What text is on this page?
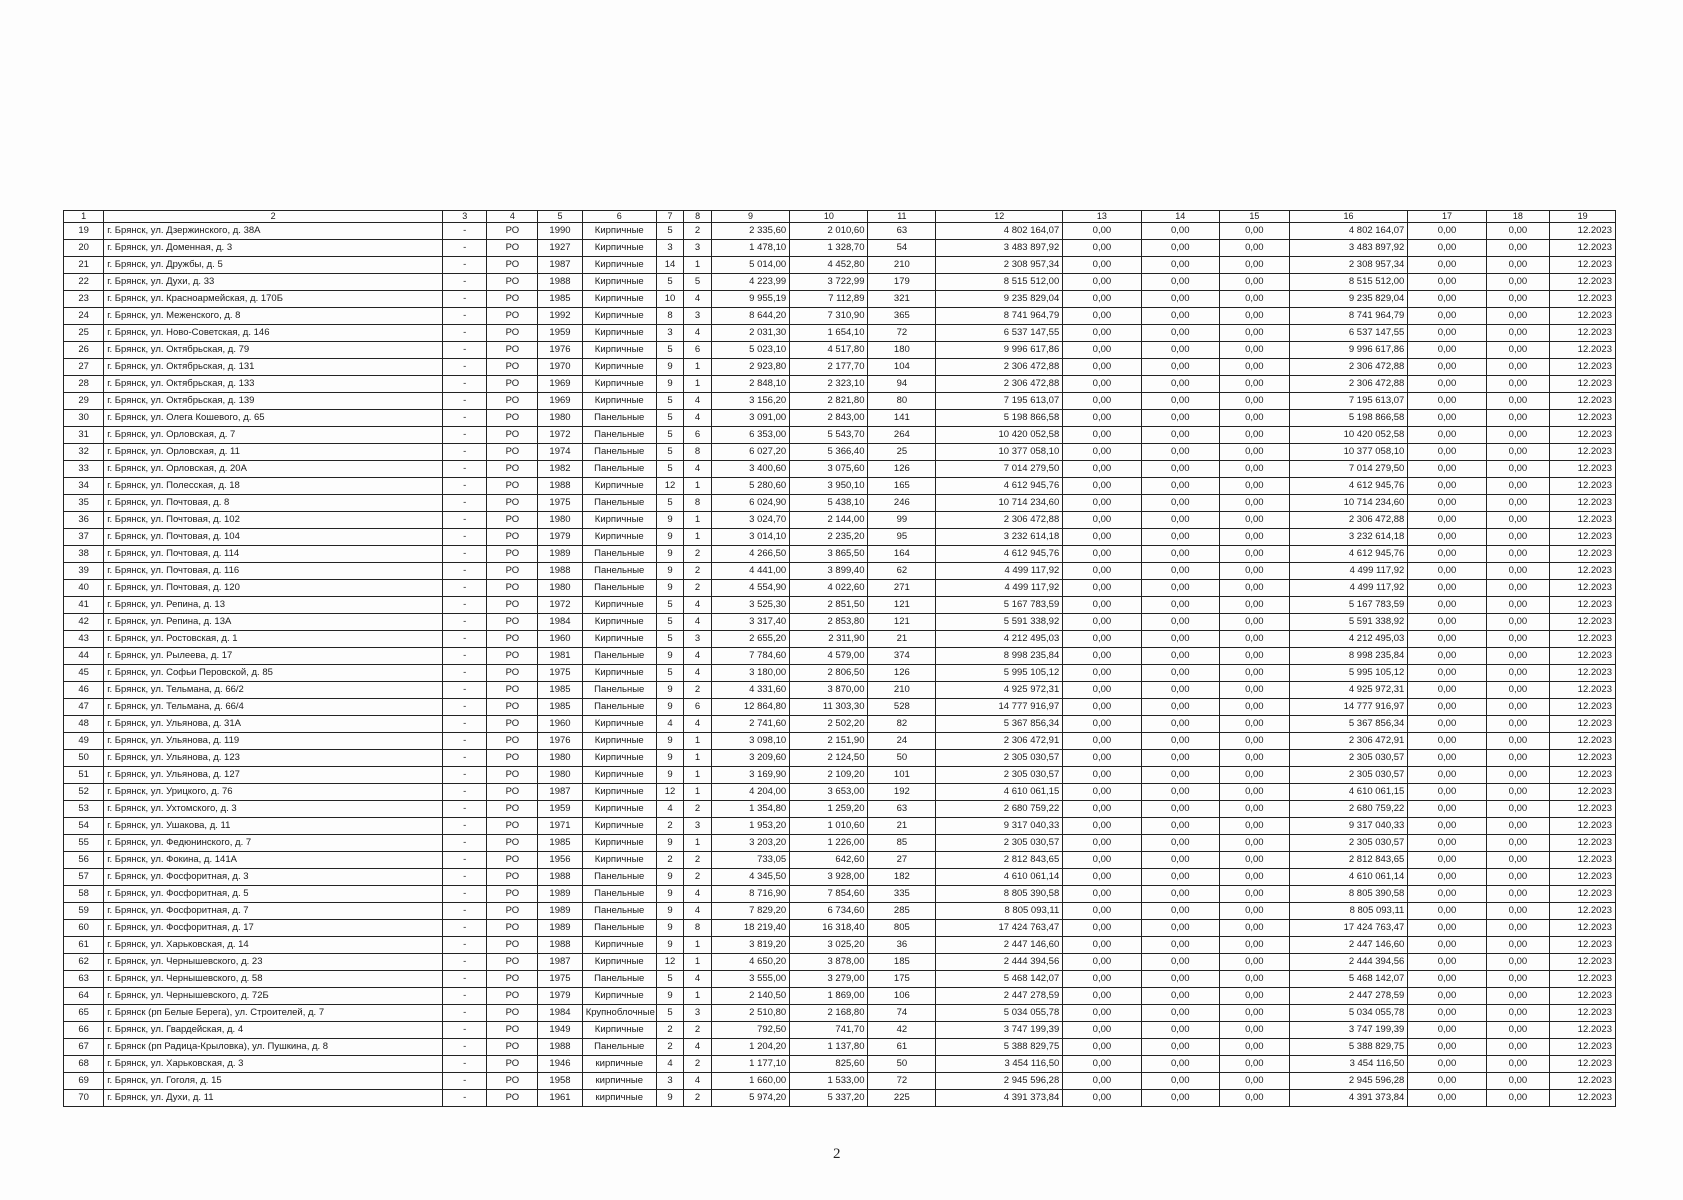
1	2	3	4	5	6	7	8	9	10	11	12	13	14	15	16	17	18	19
19	г. Брянск, ул. Дзержинского, д. 38А	-	РО	1990	Кирпичные	5	2	2 335,60	2 010,60	63	4 802 164,07	0,00	0,00	0,00	4 802 164,07	0,00	0,00	12.2023
20	г. Брянск, ул. Доменная, д. 3	-	РО	1927	Кирпичные	3	3	1 478,10	1 328,70	54	3 483 897,92	0,00	0,00	0,00	3 483 897,92	0,00	0,00	12.2023
21	г. Брянск, ул. Дружбы, д. 5	-	РО	1987	Кирпичные	14	1	5 014,00	4 452,80	210	2 308 957,34	0,00	0,00	0,00	2 308 957,34	0,00	0,00	12.2023
22	г. Брянск, ул. Духи, д. 33	-	РО	1988	Кирпичные	5	5	4 223,99	3 722,99	179	8 515 512,00	0,00	0,00	0,00	8 515 512,00	0,00	0,00	12.2023
23	г. Брянск, ул. Красноармейская, д. 170Б	-	РО	1985	Кирпичные	10	4	9 955,19	7 112,89	321	9 235 829,04	0,00	0,00	0,00	9 235 829,04	0,00	0,00	12.2023
24	г. Брянск, ул. Меженского, д. 8	-	РО	1992	Кирпичные	8	3	8 644,20	7 310,90	365	8 741 964,79	0,00	0,00	0,00	8 741 964,79	0,00	0,00	12.2023
25	г. Брянск, ул. Ново-Советская, д. 146	-	РО	1959	Кирпичные	3	4	2 031,30	1 654,10	72	6 537 147,55	0,00	0,00	0,00	6 537 147,55	0,00	0,00	12.2023
26	г. Брянск, ул. Октябрьская, д. 79	-	РО	1976	Кирпичные	5	6	5 023,10	4 517,80	180	9 996 617,86	0,00	0,00	0,00	9 996 617,86	0,00	0,00	12.2023
27	г. Брянск, ул. Октябрьская, д. 131	-	РО	1970	Кирпичные	9	1	2 923,80	2 177,70	104	2 306 472,88	0,00	0,00	0,00	2 306 472,88	0,00	0,00	12.2023
28	г. Брянск, ул. Октябрьская, д. 133	-	РО	1969	Кирпичные	9	1	2 848,10	2 323,10	94	2 306 472,88	0,00	0,00	0,00	2 306 472,88	0,00	0,00	12.2023
29	г. Брянск, ул. Октябрьская, д. 139	-	РО	1969	Кирпичные	5	4	3 156,20	2 821,80	80	7 195 613,07	0,00	0,00	0,00	7 195 613,07	0,00	0,00	12.2023
30	г. Брянск, ул. Олега Кошевого, д. 65	-	РО	1980	Панельные	5	4	3 091,00	2 843,00	141	5 198 866,58	0,00	0,00	0,00	5 198 866,58	0,00	0,00	12.2023
31	г. Брянск, ул. Орловская, д. 7	-	РО	1972	Панельные	5	6	6 353,00	5 543,70	264	10 420 052,58	0,00	0,00	0,00	10 420 052,58	0,00	0,00	12.2023
32	г. Брянск, ул. Орловская, д. 11	-	РО	1974	Панельные	5	8	6 027,20	5 366,40	25	10 377 058,10	0,00	0,00	0,00	10 377 058,10	0,00	0,00	12.2023
33	г. Брянск, ул. Орловская, д. 20А	-	РО	1982	Панельные	5	4	3 400,60	3 075,60	126	7 014 279,50	0,00	0,00	0,00	7 014 279,50	0,00	0,00	12.2023
34	г. Брянск, ул. Полесская, д. 18	-	РО	1988	Кирпичные	12	1	5 280,60	3 950,10	165	4 612 945,76	0,00	0,00	0,00	4 612 945,76	0,00	0,00	12.2023
35	г. Брянск, ул. Почтовая, д. 8	-	РО	1975	Панельные	5	8	6 024,90	5 438,10	246	10 714 234,60	0,00	0,00	0,00	10 714 234,60	0,00	0,00	12.2023
36	г. Брянск, ул. Почтовая, д. 102	-	РО	1980	Кирпичные	9	1	3 024,70	2 144,00	99	2 306 472,88	0,00	0,00	0,00	2 306 472,88	0,00	0,00	12.2023
37	г. Брянск, ул. Почтовая, д. 104	-	РО	1979	Кирпичные	9	1	3 014,10	2 235,20	95	3 232 614,18	0,00	0,00	0,00	3 232 614,18	0,00	0,00	12.2023
38	г. Брянск, ул. Почтовая, д. 114	-	РО	1989	Панельные	9	2	4 266,50	3 865,50	164	4 612 945,76	0,00	0,00	0,00	4 612 945,76	0,00	0,00	12.2023
39	г. Брянск, ул. Почтовая, д. 116	-	РО	1988	Панельные	9	2	4 441,00	3 899,40	62	4 499 117,92	0,00	0,00	0,00	4 499 117,92	0,00	0,00	12.2023
40	г. Брянск, ул. Почтовая, д. 120	-	РО	1980	Панельные	9	2	4 554,90	4 022,60	271	4 499 117,92	0,00	0,00	0,00	4 499 117,92	0,00	0,00	12.2023
41	г. Брянск, ул. Репина, д. 13	-	РО	1972	Кирпичные	5	4	3 525,30	2 851,50	121	5 167 783,59	0,00	0,00	0,00	5 167 783,59	0,00	0,00	12.2023
42	г. Брянск, ул. Репина, д. 13А	-	РО	1984	Кирпичные	5	4	3 317,40	2 853,80	121	5 591 338,92	0,00	0,00	0,00	5 591 338,92	0,00	0,00	12.2023
43	г. Брянск, ул. Ростовская, д. 1	-	РО	1960	Кирпичные	5	3	2 655,20	2 311,90	21	4 212 495,03	0,00	0,00	0,00	4 212 495,03	0,00	0,00	12.2023
44	г. Брянск, ул. Рылеева, д. 17	-	РО	1981	Панельные	9	4	7 784,60	4 579,00	374	8 998 235,84	0,00	0,00	0,00	8 998 235,84	0,00	0,00	12.2023
45	г. Брянск, ул. Софьи Перовской, д. 85	-	РО	1975	Кирпичные	5	4	3 180,00	2 806,50	126	5 995 105,12	0,00	0,00	0,00	5 995 105,12	0,00	0,00	12.2023
46	г. Брянск, ул. Тельмана, д. 66/2	-	РО	1985	Панельные	9	2	4 331,60	3 870,00	210	4 925 972,31	0,00	0,00	0,00	4 925 972,31	0,00	0,00	12.2023
47	г. Брянск, ул. Тельмана, д. 66/4	-	РО	1985	Панельные	9	6	12 864,80	11 303,30	528	14 777 916,97	0,00	0,00	0,00	14 777 916,97	0,00	0,00	12.2023
48	г. Брянск, ул. Ульянова, д. 31А	-	РО	1960	Кирпичные	4	4	2 741,60	2 502,20	82	5 367 856,34	0,00	0,00	0,00	5 367 856,34	0,00	0,00	12.2023
49	г. Брянск, ул. Ульянова, д. 119	-	РО	1976	Кирпичные	9	1	3 098,10	2 151,90	24	2 306 472,91	0,00	0,00	0,00	2 306 472,91	0,00	0,00	12.2023
50	г. Брянск, ул. Ульянова, д. 123	-	РО	1980	Кирпичные	9	1	3 209,60	2 124,50	50	2 305 030,57	0,00	0,00	0,00	2 305 030,57	0,00	0,00	12.2023
51	г. Брянск, ул. Ульянова, д. 127	-	РО	1980	Кирпичные	9	1	3 169,90	2 109,20	101	2 305 030,57	0,00	0,00	0,00	2 305 030,57	0,00	0,00	12.2023
52	г. Брянск, ул. Урицкого, д. 76	-	РО	1987	Кирпичные	12	1	4 204,00	3 653,00	192	4 610 061,15	0,00	0,00	0,00	4 610 061,15	0,00	0,00	12.2023
53	г. Брянск, ул. Ухтомского, д. 3	-	РО	1959	Кирпичные	4	2	1 354,80	1 259,20	63	2 680 759,22	0,00	0,00	0,00	2 680 759,22	0,00	0,00	12.2023
54	г. Брянск, ул. Ушакова, д. 11	-	РО	1971	Кирпичные	2	3	1 953,20	1 010,60	21	9 317 040,33	0,00	0,00	0,00	9 317 040,33	0,00	0,00	12.2023
55	г. Брянск, ул. Федюнинского, д. 7	-	РО	1985	Кирпичные	9	1	3 203,20	1 226,00	85	2 305 030,57	0,00	0,00	0,00	2 305 030,57	0,00	0,00	12.2023
56	г. Брянск, ул. Фокина, д. 141А	-	РО	1956	Кирпичные	2	2	733,05	642,60	27	2 812 843,65	0,00	0,00	0,00	2 812 843,65	0,00	0,00	12.2023
57	г. Брянск, ул. Фосфоритная, д. 3	-	РО	1988	Панельные	9	2	4 345,50	3 928,00	182	4 610 061,14	0,00	0,00	0,00	4 610 061,14	0,00	0,00	12.2023
58	г. Брянск, ул. Фосфоритная, д. 5	-	РО	1989	Панельные	9	4	8 716,90	7 854,60	335	8 805 390,58	0,00	0,00	0,00	8 805 390,58	0,00	0,00	12.2023
59	г. Брянск, ул. Фосфоритная, д. 7	-	РО	1989	Панельные	9	4	7 829,20	6 734,60	285	8 805 093,11	0,00	0,00	0,00	8 805 093,11	0,00	0,00	12.2023
60	г. Брянск, ул. Фосфоритная, д. 17	-	РО	1989	Панельные	9	8	18 219,40	16 318,40	805	17 424 763,47	0,00	0,00	0,00	17 424 763,47	0,00	0,00	12.2023
61	г. Брянск, ул. Харьковская, д. 14	-	РО	1988	Кирпичные	9	1	3 819,20	3 025,20	36	2 447 146,60	0,00	0,00	0,00	2 447 146,60	0,00	0,00	12.2023
62	г. Брянск, ул. Чернышевского, д. 23	-	РО	1987	Кирпичные	12	1	4 650,20	3 878,00	185	2 444 394,56	0,00	0,00	0,00	2 444 394,56	0,00	0,00	12.2023
63	г. Брянск, ул. Чернышевского, д. 58	-	РО	1975	Панельные	5	4	3 555,00	3 279,00	175	5 468 142,07	0,00	0,00	0,00	5 468 142,07	0,00	0,00	12.2023
64	г. Брянск, ул. Чернышевского, д. 72Б	-	РО	1979	Кирпичные	9	1	2 140,50	1 869,00	106	2 447 278,59	0,00	0,00	0,00	2 447 278,59	0,00	0,00	12.2023
65	г. Брянск (рп Белые Берега), ул. Строителей, д. 7	-	РО	1984	Крупноблочные	5	3	2 510,80	2 168,80	74	5 034 055,78	0,00	0,00	0,00	5 034 055,78	0,00	0,00	12.2023
66	г. Брянск, ул. Гвардейская, д. 4	-	РО	1949	Кирпичные	2	2	792,50	741,70	42	3 747 199,39	0,00	0,00	0,00	3 747 199,39	0,00	0,00	12.2023
67	г. Брянск (рп Радица-Крыловка), ул. Пушкина, д. 8	-	РО	1988	Панельные	2	4	1 204,20	1 137,80	61	5 388 829,75	0,00	0,00	0,00	5 388 829,75	0,00	0,00	12.2023
68	г. Брянск, ул. Харьковская, д. 3	-	РО	1946	кирпичные	4	2	1 177,10	825,60	50	3 454 116,50	0,00	0,00	0,00	3 454 116,50	0,00	0,00	12.2023
69	г. Брянск, ул. Гоголя, д. 15	-	РО	1958	кирпичные	3	4	1 660,00	1 533,00	72	2 945 596,28	0,00	0,00	0,00	2 945 596,28	0,00	0,00	12.2023
70	г. Брянск, ул. Духи, д. 11	-	РО	1961	кирпичные	9	2	5 974,20	5 337,20	225	4 391 373,84	0,00	0,00	0,00	4 391 373,84	0,00	0,00	12.2023
2
